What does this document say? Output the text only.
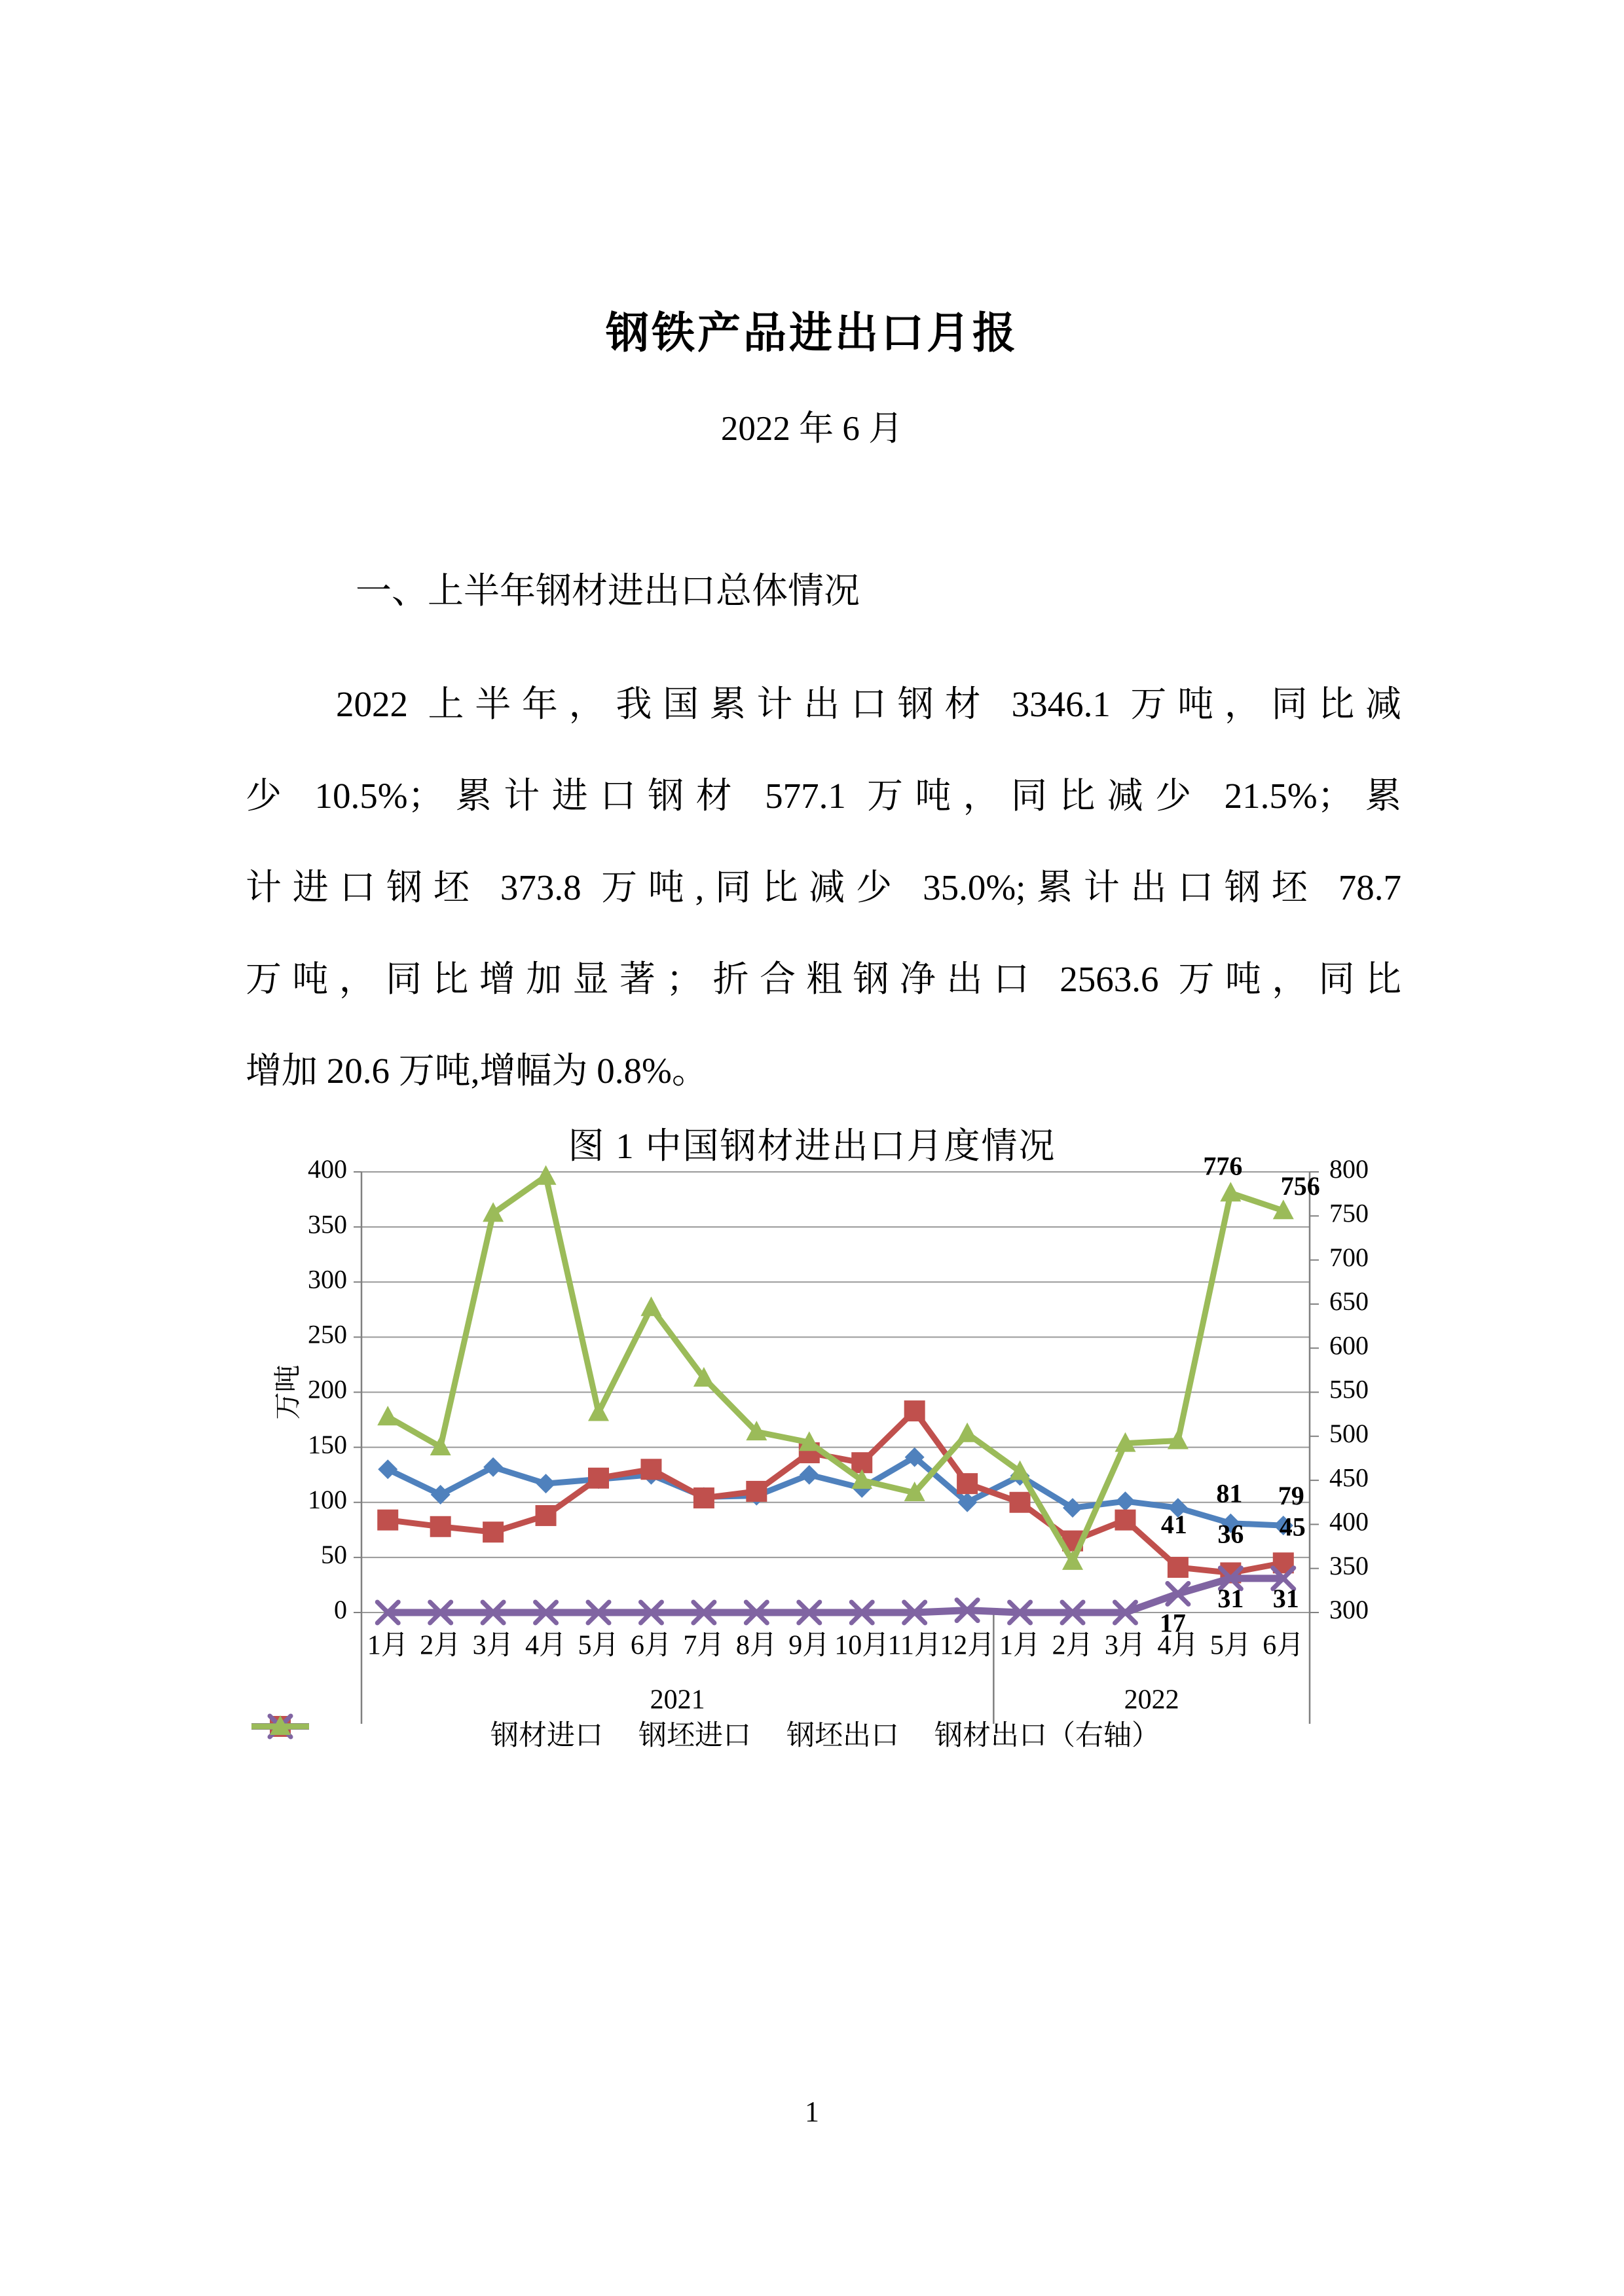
钢铁产品进出口月报
2022 年 6 月
一、上半年钢材进出口总体情况
2022 上半年，我国累计出口钢材 3346.1 万吨，同比减
少 10.5%；累计进口钢材 577.1 万吨，同比减少 21.5%；累
计进口钢坯 373.8 万吨,同比减少 35.0%;累计出口钢坯 78.7
万吨，同比增加显著；折合粗钢净出口 2563.6 万吨，同比
增加 20.6 万吨,增幅为 0.8%。
图 1 中国钢材进出口月度情况
0
50
100
150
200
250
300
350
400
300
350
400
450
500
550
600
650
700
750
800
万吨
1月 2月 3月 4月 5月 6月 7月 8月 9月 10月
11月
12月 1月 2月 3月 4月 5月 6月
2021	2022
81 79
41 36 45
17
31 31
776
756
钢材进口 钢坯进口 钢坯出口 钢材出口（右轴）
1
